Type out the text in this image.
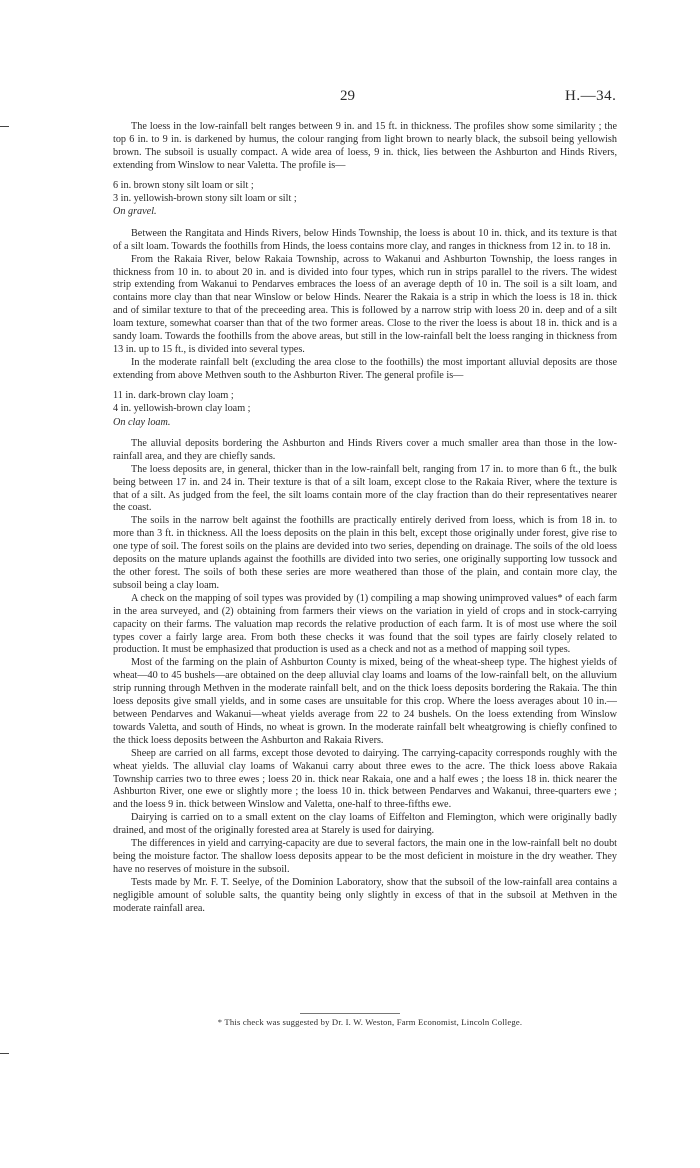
29	H.—34.

The loess in the low-rainfall belt ranges between 9 in. and 15 ft. in thickness. The profiles show some similarity ; the top 6 in. to 9 in. is darkened by humus, the colour ranging from light brown to nearly black, the subsoil being yellowish brown. The subsoil is usually compact. A wide area of loess, 9 in. thick, lies between the Ashburton and Hinds Rivers, extending from Winslow to near Valetta. The profile is—

6 in. brown stony silt loam or silt ;
3 in. yellowish-brown stony silt loam or silt ;
On gravel.

Between the Rangitata and Hinds Rivers, below Hinds Township, the loess is about 10 in. thick, and its texture is that of a silt loam. Towards the foothills from Hinds, the loess contains more clay, and ranges in thickness from 12 in. to 18 in.

From the Rakaia River, below Rakaia Township, across to Wakanui and Ashburton Township, the loess ranges in thickness from 10 in. to about 20 in. and is divided into four types, which run in strips parallel to the rivers. The widest strip extending from Wakanui to Pendarves embraces the loess of an average depth of 10 in. The soil is a silt loam, and contains more clay than that near Winslow or below Hinds. Nearer the Rakaia is a strip in which the loess is 18 in. thick and of similar texture to that of the preceeding area. This is followed by a narrow strip with loess 20 in. deep and of a silt loam texture, somewhat coarser than that of the two former areas. Close to the river the loess is about 18 in. thick and is a sandy loam. Towards the foothills from the above areas, but still in the low-rainfall belt the loess ranging in thickness from 13 in. up to 15 ft., is divided into several types.

In the moderate rainfall belt (excluding the area close to the foothills) the most important alluvial deposits are those extending from above Methven south to the Ashburton River. The general profile is—

11 in. dark-brown clay loam ;
4 in. yellowish-brown clay loam ;
On clay loam.

The alluvial deposits bordering the Ashburton and Hinds Rivers cover a much smaller area than those in the low-rainfall area, and they are chiefly sands.

The loess deposits are, in general, thicker than in the low-rainfall belt, ranging from 17 in. to more than 6 ft., the bulk being between 17 in. and 24 in. Their texture is that of a silt loam, except close to the Rakaia River, where the texture is that of a silt. As judged from the feel, the silt loams contain more of the clay fraction than do their representatives nearer the coast.

The soils in the narrow belt against the foothills are practically entirely derived from loess, which is from 18 in. to more than 3 ft. in thickness. All the loess deposits on the plain in this belt, except those originally under forest, give rise to one type of soil. The forest soils on the plains are devided into two series, depending on drainage. The soils of the old loess deposits on the mature uplands against the foothills are divided into two series, one originally supporting low tussock and the other forest. The soils of both these series are more weathered than those of the plain, and contain more clay, the subsoil being a clay loam.

A check on the mapping of soil types was provided by (1) compiling a map showing unimproved values* of each farm in the area surveyed, and (2) obtaining from farmers their views on the variation in yield of crops and in stock-carrying capacity on their farms. The valuation map records the relative production of each farm. It is of most use where the soil types cover a fairly large area. From both these checks it was found that the soil types are fairly closely related to production. It must be emphasized that production is used as a check and not as a method of mapping soil types.

Most of the farming on the plain of Ashburton County is mixed, being of the wheat-sheep type. The highest yields of wheat—40 to 45 bushels—are obtained on the deep alluvial clay loams and loams of the low-rainfall belt, on the alluvium strip running through Methven in the moderate rainfall belt, and on the thick loess deposits bordering the Rakaia. The thin loess deposits give small yields, and in some cases are unsuitable for this crop. Where the loess averages about 10 in.—between Pendarves and Wakanui—wheat yields average from 22 to 24 bushels. On the loess extending from Winslow towards Valetta, and south of Hinds, no wheat is grown. In the moderate rainfall belt wheatgrowing is chiefly confined to the thick loess deposits between the Ashburton and Rakaia Rivers.

Sheep are carried on all farms, except those devoted to dairying. The carrying-capacity corresponds roughly with the wheat yields. The alluvial clay loams of Wakanui carry about three ewes to the acre. The thick loess above Rakaia Township carries two to three ewes ; loess 20 in. thick near Rakaia, one and a half ewes ; the loess 18 in. thick nearer the Ashburton River, one ewe or slightly more ; the loess 10 in. thick between Pendarves and Wakanui, three-quarters ewe ; and the loess 9 in. thick between Winslow and Valetta, one-half to three-fifths ewe.

Dairying is carried on to a small extent on the clay loams of Eiffelton and Flemington, which were originally badly drained, and most of the originally forested area at Starely is used for dairying.

The differences in yield and carrying-capacity are due to several factors, the main one in the low-rainfall belt no doubt being the moisture factor. The shallow loess deposits appear to be the most deficient in moisture in the dry weather. They have no reserves of moisture in the subsoil.

Tests made by Mr. F. T. Seelye, of the Dominion Laboratory, show that the subsoil of the low-rainfall area contains a negligible amount of soluble salts, the quantity being only slightly in excess of that in the subsoil at Methven in the moderate rainfall area.

* This check was suggested by Dr. I. W. Weston, Farm Economist, Lincoln College.
